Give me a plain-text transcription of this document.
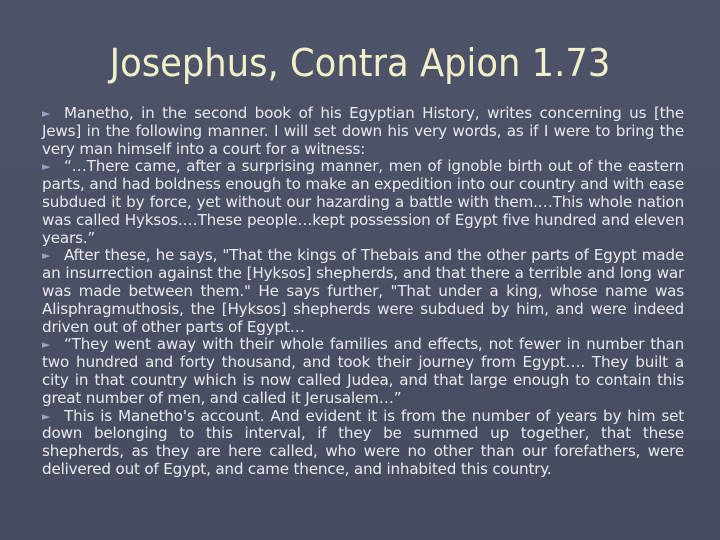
Josephus, Contra Apion 1.73

► Manetho, in the second book of his Egyptian History, writes concerning us [the Jews] in the following manner. I will set down his very words, as if I were to bring the very man himself into a court for a witness:

► “…There came, after a surprising manner, men of ignoble birth out of the eastern parts, and had boldness enough to make an expedition into our country and with ease subdued it by force, yet without our hazarding a battle with them.…This whole nation was called Hyksos.…These people…kept possession of Egypt five hundred and eleven years.”

► After these, he says, "That the kings of Thebais and the other parts of Egypt made an insurrection against the [Hyksos] shepherds, and that there a terrible and long war was made between them." He says further, "That under a king, whose name was Alisphragmuthosis, the [Hyksos] shepherds were subdued by him, and were indeed driven out of other parts of Egypt…

► “They went away with their whole families and effects, not fewer in number than two hundred and forty thousand, and took their journey from Egypt…. They built a city in that country which is now called Judea, and that large enough to contain this great number of men, and called it Jerusalem…”

► This is Manetho's account. And evident it is from the number of years by him set down belonging to this interval, if they be summed up together, that these shepherds, as they are here called, who were no other than our forefathers, were delivered out of Egypt, and came thence, and inhabited this country.
